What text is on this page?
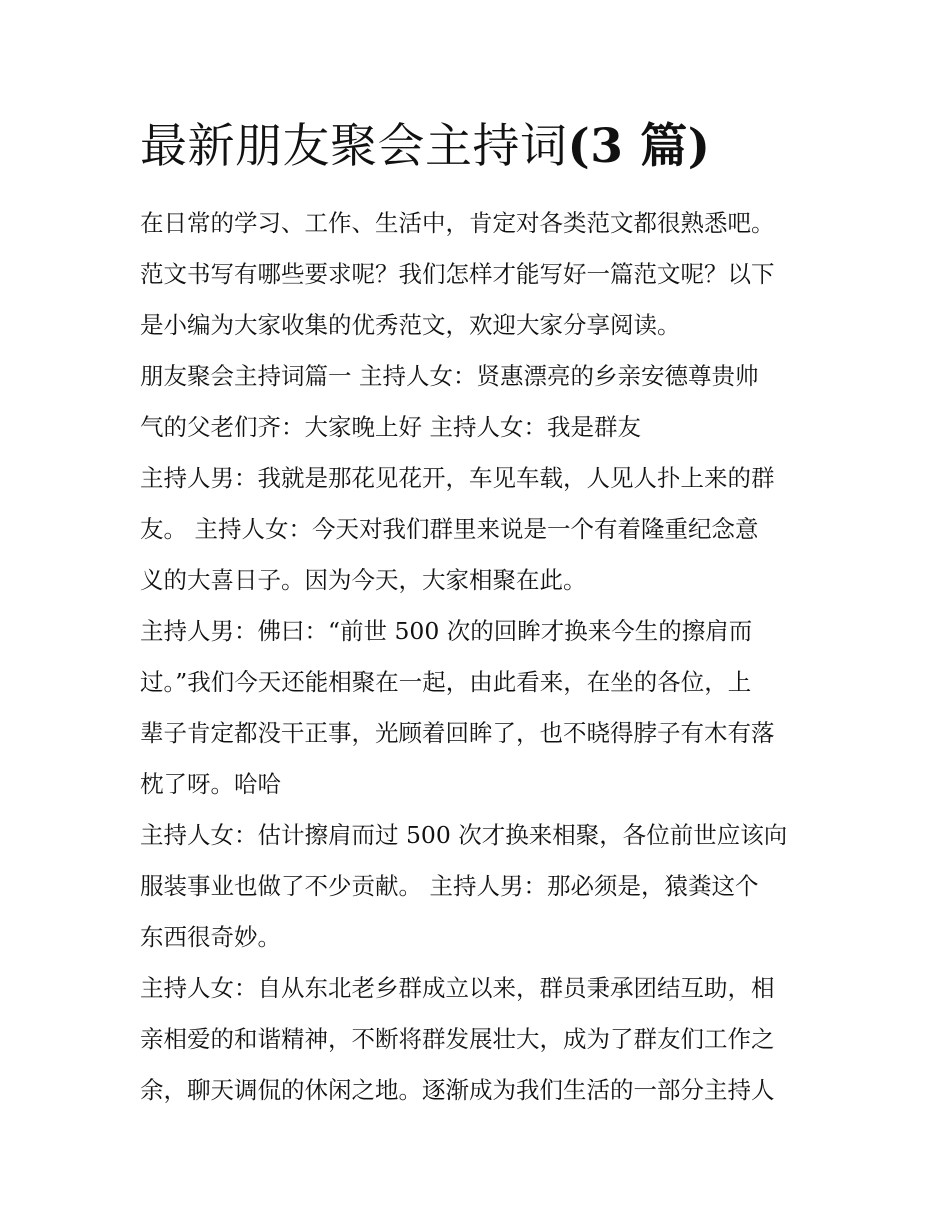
最新朋友聚会主持词(3 篇)
在日常的学习、工作、生活中，肯定对各类范文都很熟悉吧。
范文书写有哪些要求呢？我们怎样才能写好一篇范文呢？以下
是小编为大家收集的优秀范文，欢迎大家分享阅读。
朋友聚会主持词篇一 主持人女：贤惠漂亮的乡亲安德尊贵帅
气的父老们齐：大家晚上好 主持人女：我是群友
主持人男：我就是那花见花开，车见车载，人见人扑上来的群
友。 主持人女：今天对我们群里来说是一个有着隆重纪念意
义的大喜日子。因为今天，大家相聚在此。
主持人男：佛曰：“前世 500 次的回眸才换来今生的擦肩而
过。”我们今天还能相聚在一起，由此看来，在坐的各位，上
辈子肯定都没干正事，光顾着回眸了，也不晓得脖子有木有落
枕了呀。哈哈
主持人女：估计擦肩而过 500 次才换来相聚，各位前世应该向
服装事业也做了不少贡献。 主持人男：那必须是，猿粪这个
东西很奇妙。
主持人女：自从东北老乡群成立以来，群员秉承团结互助，相
亲相爱的和谐精神，不断将群发展壮大，成为了群友们工作之
余，聊天调侃的休闲之地。逐渐成为我们生活的一部分主持人
